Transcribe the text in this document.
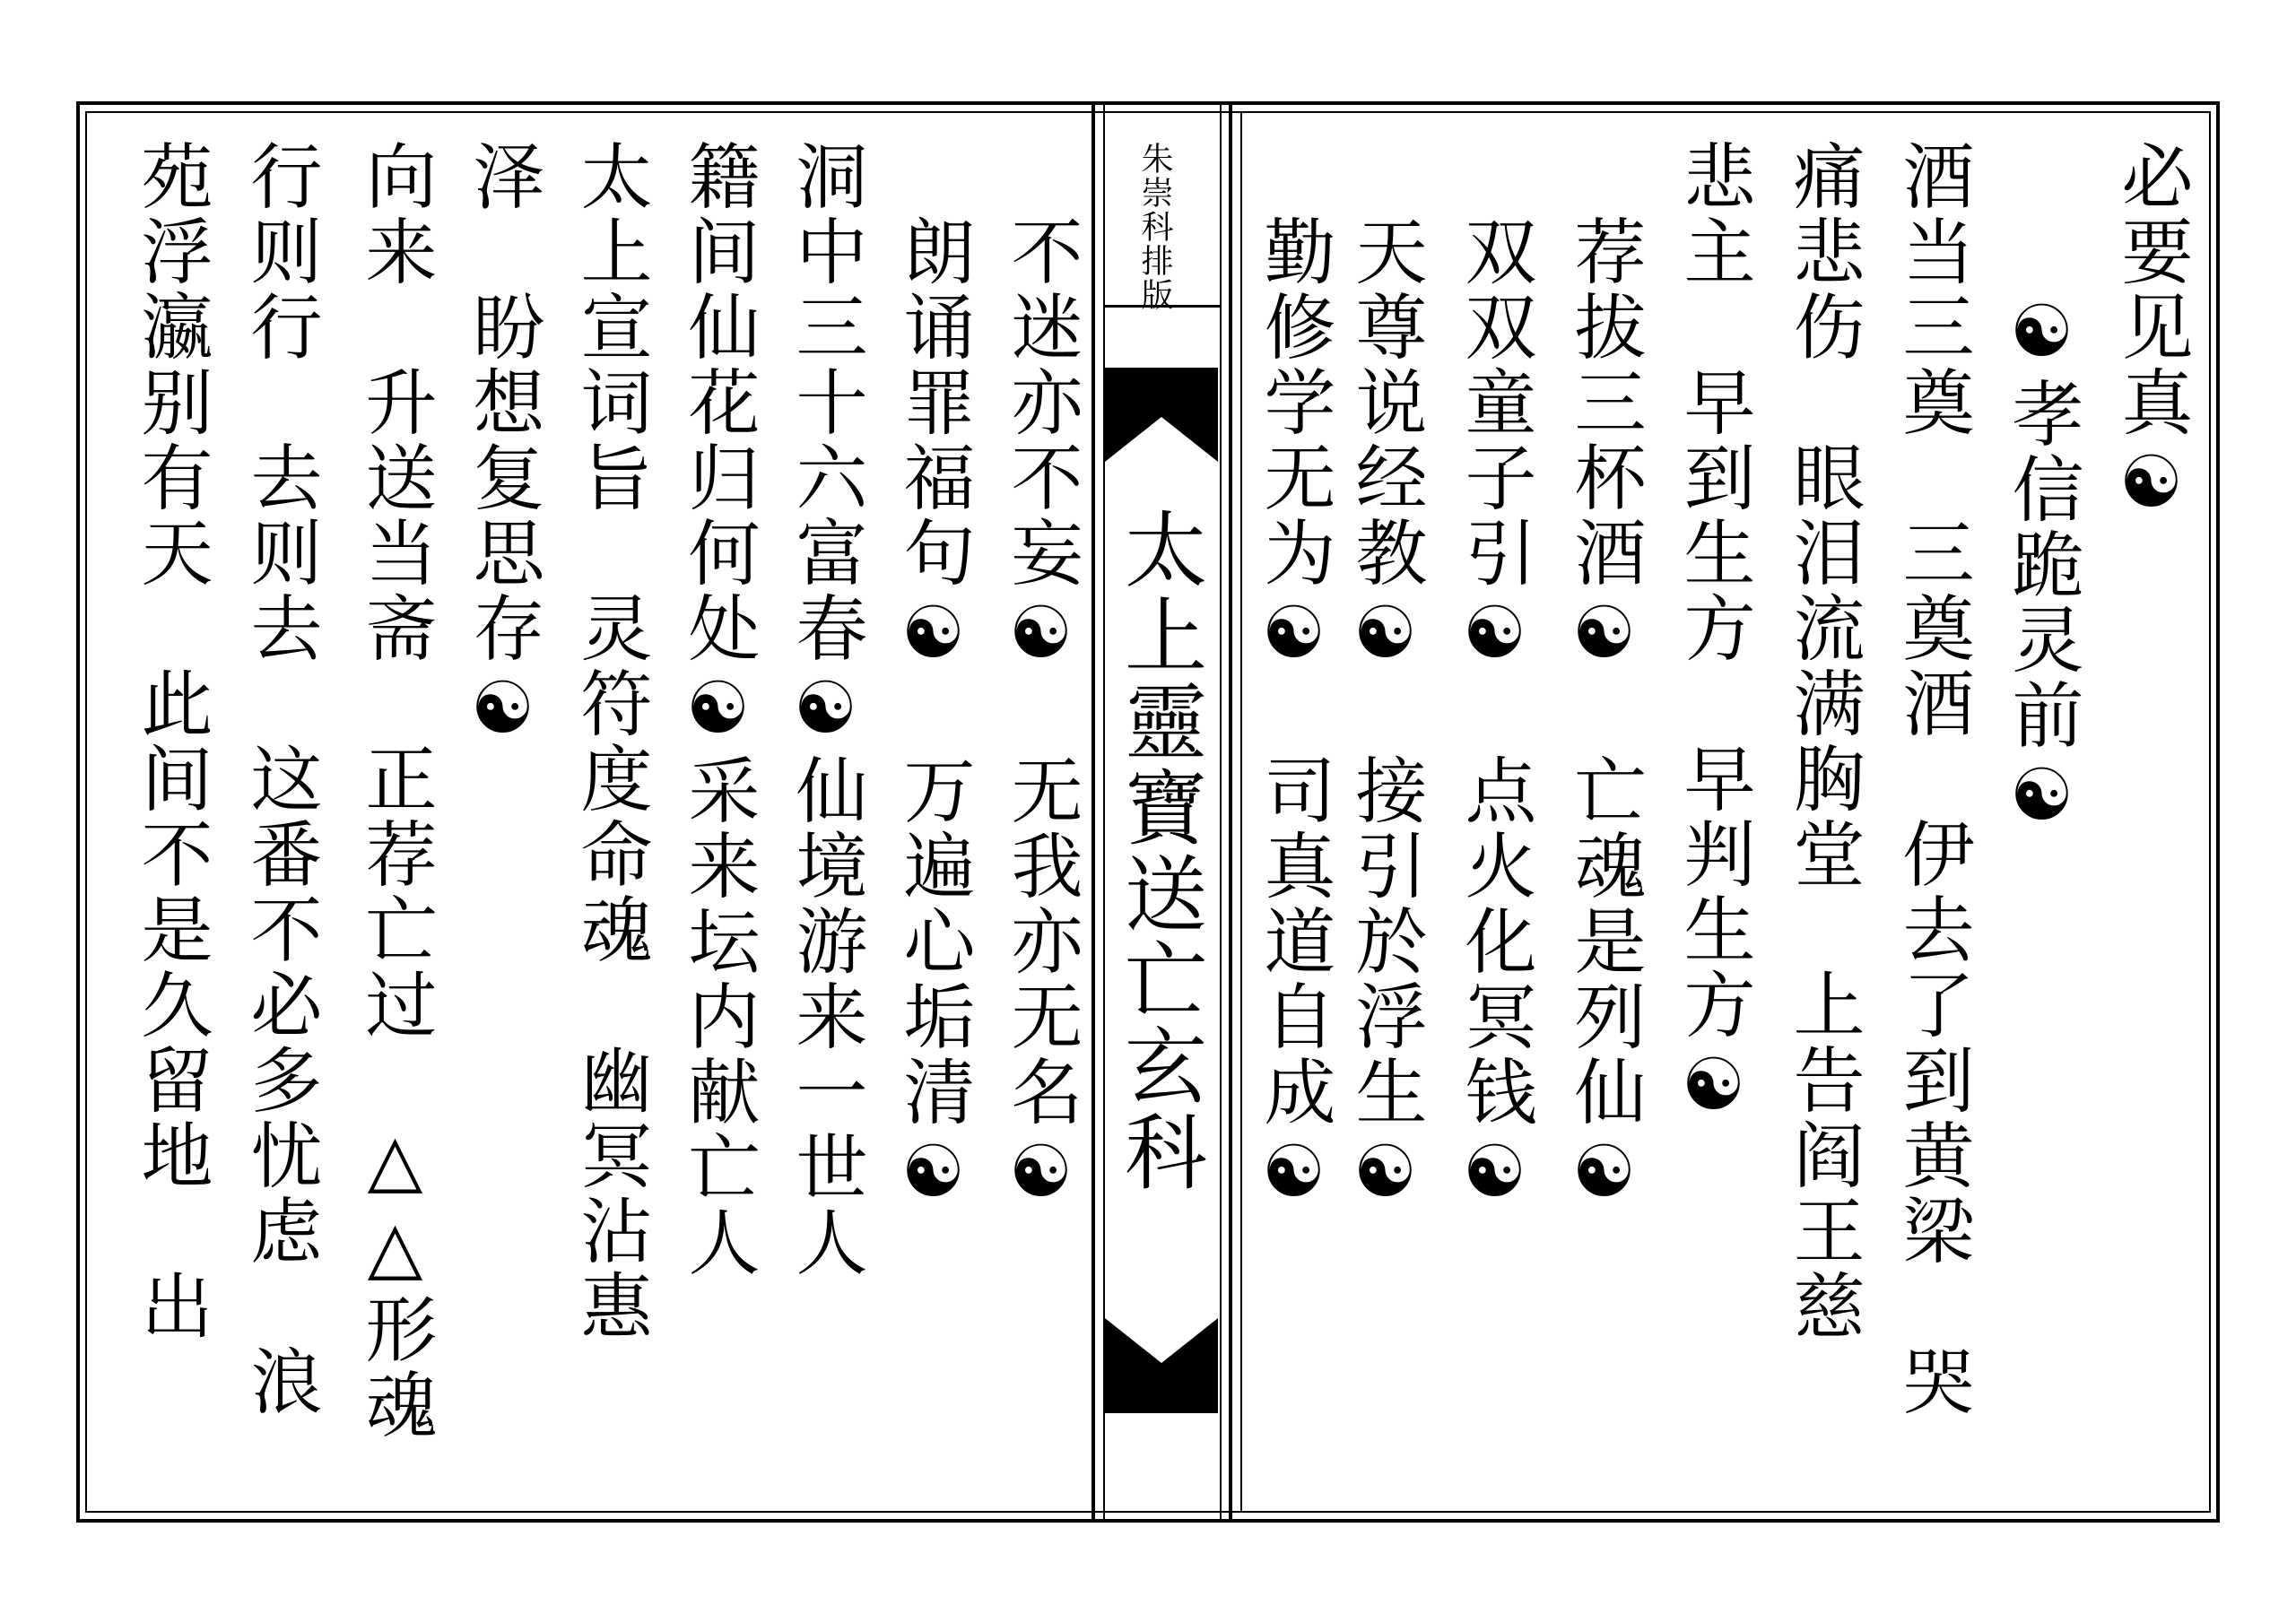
朱崇科排版
太上靈寶送亡玄科
必要见真☯
　　☯孝信跪灵前☯
酒当三奠　三奠酒　伊去了到黄梁　哭
痛悲伤　眼泪流满胸堂　上告阎王慈
悲主　早到生方　早判生方☯
　荐拔三杯酒☯　亡魂是列仙☯
　双双童子引☯　点火化冥钱☯
　天尊说经教☯　接引於浮生☯
　勤修学无为☯　司真道自成☯
　不迷亦不妄☯　无我亦无名☯
　朗诵罪福句☯　万遍心垢清☯
洞中三十六富春☯仙境游来一世人
籍间仙花归何处☯采来坛内献亡人
太上宣词旨　灵符度命魂　幽冥沾惠
泽　盼想复思存☯
向来　升送当斋　正荐亡过　△△形魂
行则行　去则去　这番不必多忧虑　浪
苑浮瀛别有天　此间不是久留地　出
